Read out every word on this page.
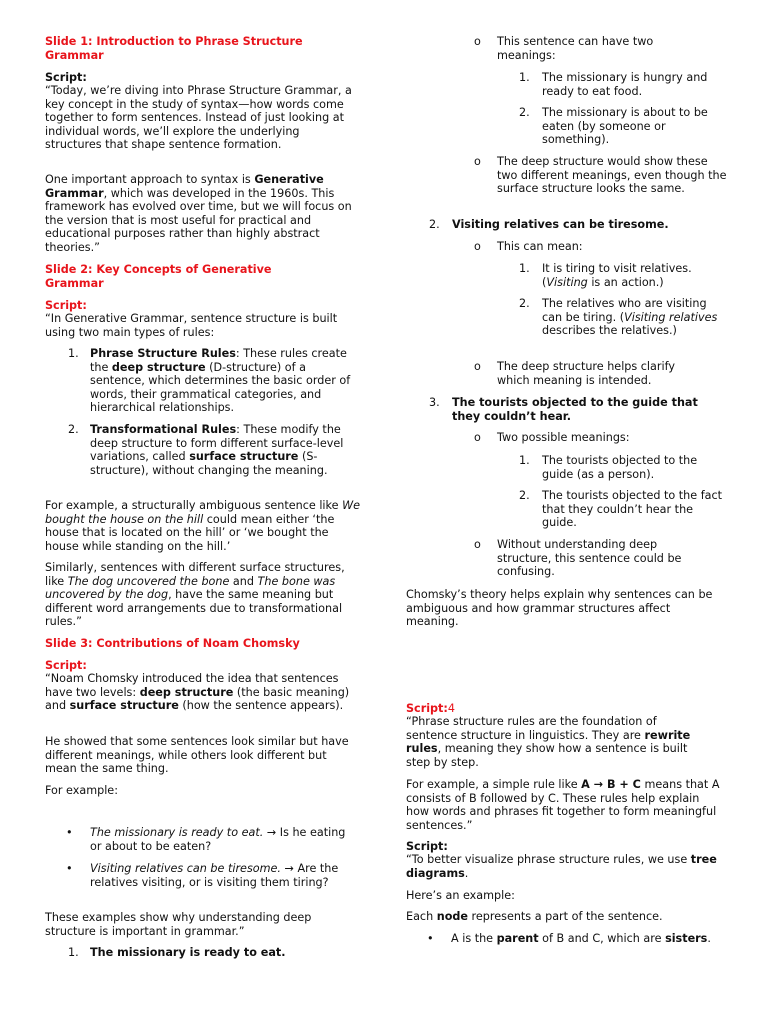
Slide 1: Introduction to Phrase Structure Grammar

Script:

“Today, we’re diving into Phrase Structure Grammar, a key concept in the study of syntax—how words come together to form sentences. Instead of just looking at individual words, we’ll explore the underlying structures that shape sentence formation.

One important approach to syntax is Generative Grammar, which was developed in the 1960s. This framework has evolved over time, but we will focus on the version that is most useful for practical and educational purposes rather than highly abstract theories.”

Slide 2: Key Concepts of Generative Grammar

Script:

“In Generative Grammar, sentence structure is built using two main types of rules:

1. Phrase Structure Rules: These rules create the deep structure (D-structure) of a sentence, which determines the basic order of words, their grammatical categories, and hierarchical relationships.

2. Transformational Rules: These modify the deep structure to form different surface-level variations, called surface structure (S-structure), without changing the meaning.

For example, a structurally ambiguous sentence like We bought the house on the hill could mean either ‘the house that is located on the hill’ or ‘we bought the house while standing on the hill.’

Similarly, sentences with different surface structures, like The dog uncovered the bone and The bone was uncovered by the dog, have the same meaning but different word arrangements due to transformational rules.”

Slide 3: Contributions of Noam Chomsky

Script:

“Noam Chomsky introduced the idea that sentences have two levels: deep structure (the basic meaning) and surface structure (how the sentence appears).

He showed that some sentences look similar but have different meanings, while others look different but mean the same thing.

For example:

• The missionary is ready to eat. → Is he eating or about to be eaten?

• Visiting relatives can be tiresome. → Are the relatives visiting, or is visiting them tiring?

These examples show why understanding deep structure is important in grammar.”

1. The missionary is ready to eat.

o This sentence can have two meanings:

1. The missionary is hungry and ready to eat food.

2. The missionary is about to be eaten (by someone or something).

o The deep structure would show these two different meanings, even though the surface structure looks the same.

2. Visiting relatives can be tiresome.

o This can mean:

1. It is tiring to visit relatives. (Visiting is an action.)

2. The relatives who are visiting can be tiring. (Visiting relatives describes the relatives.)

o The deep structure helps clarify which meaning is intended.

3. The tourists objected to the guide that they couldn’t hear.

o Two possible meanings:

1. The tourists objected to the guide (as a person).

2. The tourists objected to the fact that they couldn’t hear the guide.

o Without understanding deep structure, this sentence could be confusing.

Chomsky’s theory helps explain why sentences can be ambiguous and how grammar structures affect meaning.

Script:4

“Phrase structure rules are the foundation of sentence structure in linguistics. They are rewrite rules, meaning they show how a sentence is built step by step.

For example, a simple rule like A → B + C means that A consists of B followed by C. These rules help explain how words and phrases fit together to form meaningful sentences.”

Script:

“To better visualize phrase structure rules, we use tree diagrams.

Here’s an example:

Each node represents a part of the sentence.

• A is the parent of B and C, which are sisters.
